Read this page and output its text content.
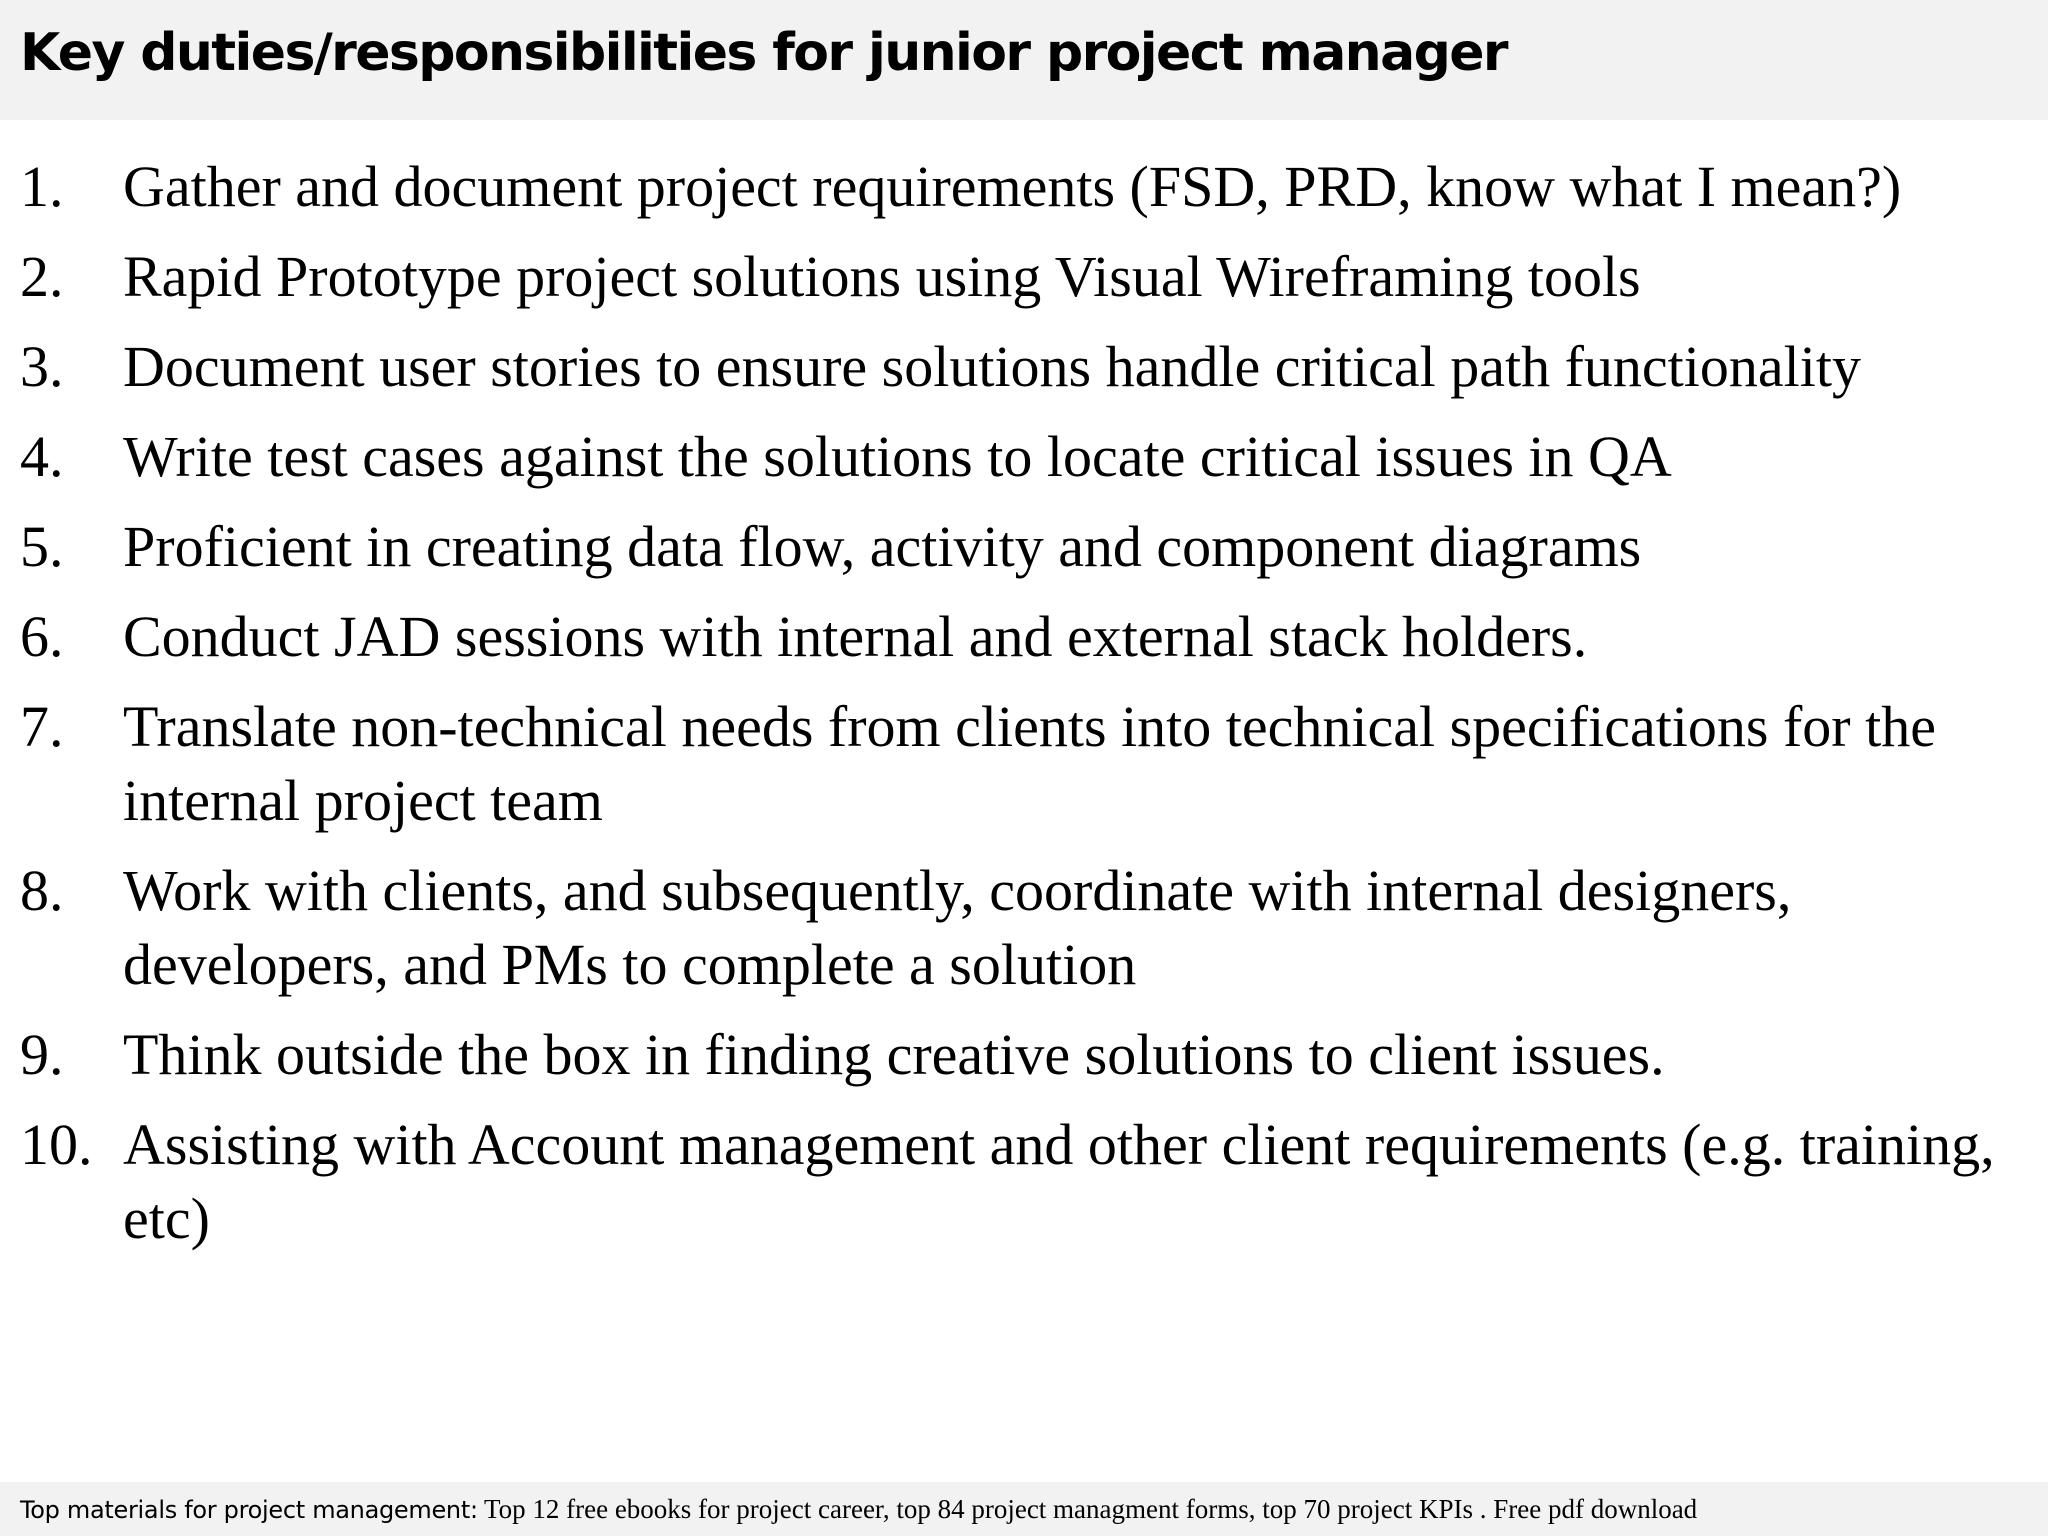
Key duties/responsibilities for junior project manager
1. Gather and document project requirements (FSD, PRD, know what I mean?)
2. Rapid Prototype project solutions using Visual Wireframing tools
3. Document user stories to ensure solutions handle critical path functionality
4. Write test cases against the solutions to locate critical issues in QA
5. Proficient in creating data flow, activity and component diagrams
6. Conduct JAD sessions with internal and external stack holders.
7. Translate non-technical needs from clients into technical specifications for the internal project team
8. Work with clients, and subsequently, coordinate with internal designers, developers, and PMs to complete a solution
9. Think outside the box in finding creative solutions to client issues.
10. Assisting with Account management and other client requirements (e.g. training, etc)
Top materials for project management: Top 12 free ebooks for project career, top 84 project managment forms, top 70 project KPIs . Free pdf download
